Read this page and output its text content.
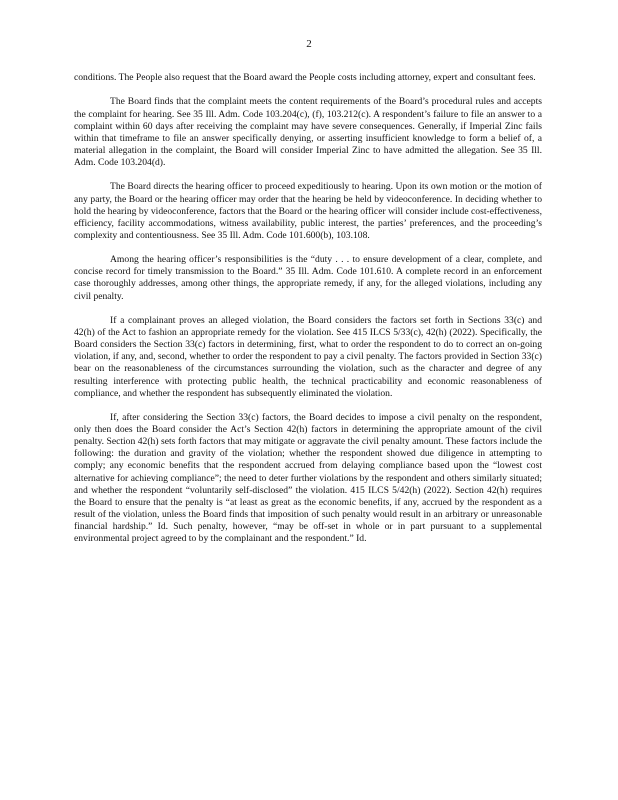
2

conditions. The People also request that the Board award the People costs including attorney, expert and consultant fees.

The Board finds that the complaint meets the content requirements of the Board’s procedural rules and accepts the complaint for hearing. See 35 Ill. Adm. Code 103.204(c), (f), 103.212(c). A respondent’s failure to file an answer to a complaint within 60 days after receiving the complaint may have severe consequences. Generally, if Imperial Zinc fails within that timeframe to file an answer specifically denying, or asserting insufficient knowledge to form a belief of, a material allegation in the complaint, the Board will consider Imperial Zinc to have admitted the allegation. See 35 Ill. Adm. Code 103.204(d).

The Board directs the hearing officer to proceed expeditiously to hearing. Upon its own motion or the motion of any party, the Board or the hearing officer may order that the hearing be held by videoconference. In deciding whether to hold the hearing by videoconference, factors that the Board or the hearing officer will consider include cost-effectiveness, efficiency, facility accommodations, witness availability, public interest, the parties’ preferences, and the proceeding’s complexity and contentiousness. See 35 Ill. Adm. Code 101.600(b), 103.108.

Among the hearing officer’s responsibilities is the “duty . . . to ensure development of a clear, complete, and concise record for timely transmission to the Board.” 35 Ill. Adm. Code 101.610. A complete record in an enforcement case thoroughly addresses, among other things, the appropriate remedy, if any, for the alleged violations, including any civil penalty.

If a complainant proves an alleged violation, the Board considers the factors set forth in Sections 33(c) and 42(h) of the Act to fashion an appropriate remedy for the violation. See 415 ILCS 5/33(c), 42(h) (2022). Specifically, the Board considers the Section 33(c) factors in determining, first, what to order the respondent to do to correct an on-going violation, if any, and, second, whether to order the respondent to pay a civil penalty. The factors provided in Section 33(c) bear on the reasonableness of the circumstances surrounding the violation, such as the character and degree of any resulting interference with protecting public health, the technical practicability and economic reasonableness of compliance, and whether the respondent has subsequently eliminated the violation.

If, after considering the Section 33(c) factors, the Board decides to impose a civil penalty on the respondent, only then does the Board consider the Act’s Section 42(h) factors in determining the appropriate amount of the civil penalty. Section 42(h) sets forth factors that may mitigate or aggravate the civil penalty amount. These factors include the following: the duration and gravity of the violation; whether the respondent showed due diligence in attempting to comply; any economic benefits that the respondent accrued from delaying compliance based upon the “lowest cost alternative for achieving compliance”; the need to deter further violations by the respondent and others similarly situated; and whether the respondent “voluntarily self-disclosed” the violation. 415 ILCS 5/42(h) (2022). Section 42(h) requires the Board to ensure that the penalty is “at least as great as the economic benefits, if any, accrued by the respondent as a result of the violation, unless the Board finds that imposition of such penalty would result in an arbitrary or unreasonable financial hardship.” Id. Such penalty, however, “may be off-set in whole or in part pursuant to a supplemental environmental project agreed to by the complainant and the respondent.” Id.
